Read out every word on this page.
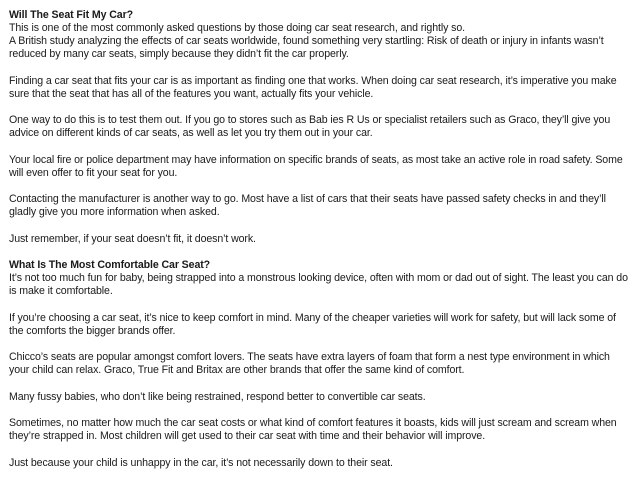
Will The Seat Fit My Car?

This is one of the most commonly asked questions by those doing car seat research, and rightly so.

A British study analyzing the effects of car seats worldwide, found something very startling: Risk of death or injury in infants wasn’t reduced by many car seats, simply because they didn’t fit the car properly.

Finding a car seat that fits your car is as important as finding one that works. When doing car seat research, it’s imperative you make sure that the seat that has all of the features you want, actually fits your vehicle.

One way to do this is to test them out. If you go to stores such as Bab ies R Us or specialist retailers such as Graco, they’ll give you advice on different kinds of car seats, as well as let you try them out in your car.

Your local fire or police department may have information on specific brands of seats, as most take an active role in road safety. Some will even offer to fit your seat for you.

Contacting the manufacturer is another way to go. Most have a list of cars that their seats have passed safety checks in and they’ll gladly give you more information when asked.

Just remember, if your seat doesn’t fit, it doesn’t work.

What Is The Most Comfortable Car Seat?

It’s not too much fun for baby, being strapped into a monstrous looking device, often with mom or dad out of sight. The least you can do is make it comfortable.

If you’re choosing a car seat, it’s nice to keep comfort in mind. Many of the cheaper varieties will work for safety, but will lack some of the comforts the bigger brands offer.

Chicco’s seats are popular amongst comfort lovers. The seats have extra layers of foam that form a nest type environment in which your child can relax. Graco, True Fit and Britax are other brands that offer the same kind of comfort.

Many fussy babies, who don’t like being restrained, respond better to convertible car seats.

Sometimes, no matter how much the car seat costs or what kind of comfort features it boasts, kids will just scream and scream when they’re strapped in. Most children will get used to their car seat with time and their behavior will improve.

Just because your child is unhappy in the car, it’s not necessarily down to their seat.
